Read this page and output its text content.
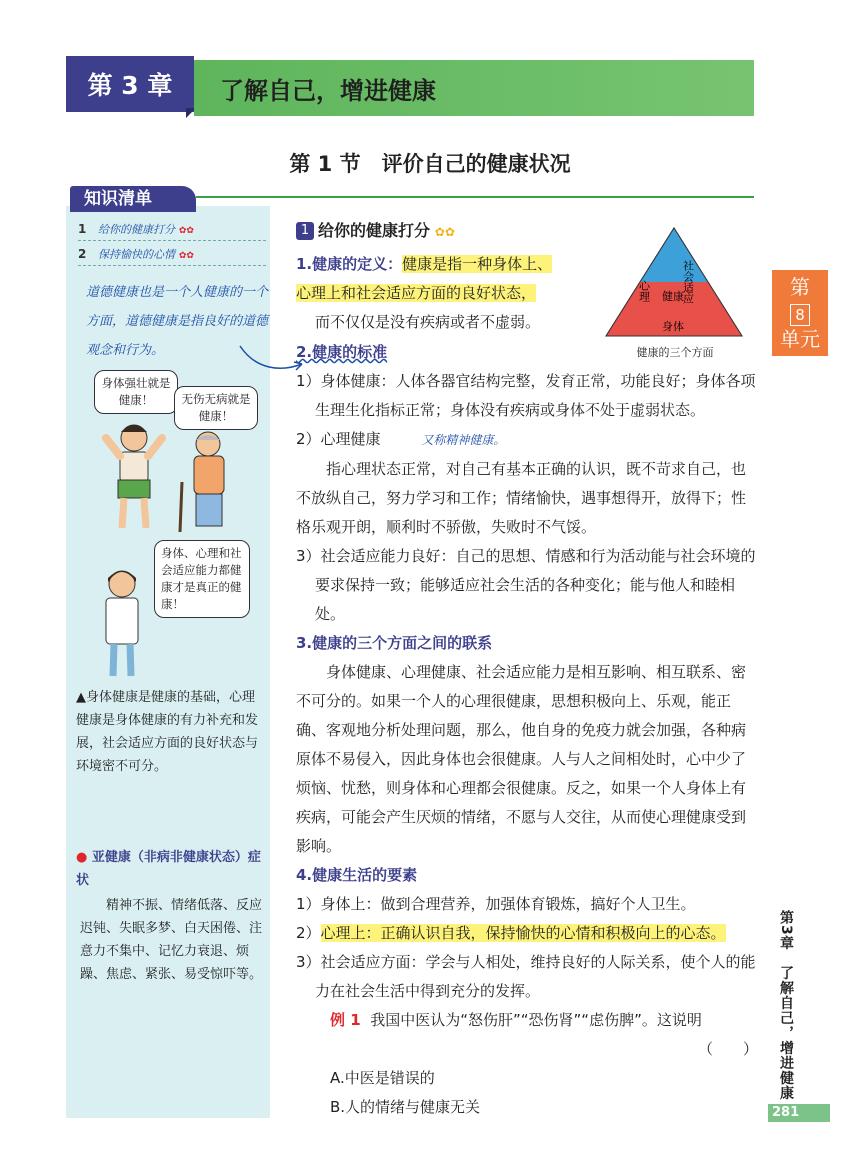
第 3 章	了解自己，增进健康
第 1 节　评价自己的健康状况
知识清单
1 给你的健康打分 ✿✿
2 保持愉快的心情 ✿✿
道德健康也是一个人健康的一个方面，道德健康是指良好的道德观念和行为。
身体强壮就是健康！	无伤无病就是健康！
身体、心理和社会适应能力都健康才是真正的健康！
▲身体健康是健康的基础，心理健康是身体健康的有力补充和发展，社会适应方面的良好状态与环境密不可分。
● 亚健康（非病非健康状态）症状
精神不振、情绪低落、反应迟钝、失眠多梦、白天困倦、注意力不集中、记忆力衰退、烦躁、焦虑、紧张、易受惊吓等。
1 给你的健康打分 ✿✿
1.健康的定义：健康是指一种身体上、
心理上和社会适应方面的良好状态，
而不仅仅是没有疾病或者不虚弱。
心理	社会适应
健康
身体
健康的三个方面
2.健康的标准
1）身体健康：人体各器官结构完整，发育正常，功能良好；身体各项生理生化指标正常；身体没有疾病或身体不处于虚弱状态。
2）心理健康	又称精神健康。
指心理状态正常，对自己有基本正确的认识，既不苛求自己，也不放纵自己，努力学习和工作；情绪愉快，遇事想得开，放得下；性格乐观开朗，顺利时不骄傲，失败时不气馁。
3）社会适应能力良好：自己的思想、情感和行为活动能与社会环境的要求保持一致；能够适应社会生活的各种变化；能与他人和睦相处。
3.健康的三个方面之间的联系
身体健康、心理健康、社会适应能力是相互影响、相互联系、密不可分的。如果一个人的心理很健康，思想积极向上、乐观，能正确、客观地分析处理问题，那么，他自身的免疫力就会加强，各种病原体不易侵入，因此身体也会很健康。人与人之间相处时，心中少了烦恼、忧愁，则身体和心理都会很健康。反之，如果一个人身体上有疾病，可能会产生厌烦的情绪，不愿与人交往，从而使心理健康受到影响。
4.健康生活的要素
1）身体上：做到合理营养，加强体育锻炼，搞好个人卫生。
2）心理上：正确认识自我，保持愉快的心情和积极向上的心态。
3）社会适应方面：学会与人相处，维持良好的人际关系，使个人的能力在社会生活中得到充分的发挥。
例 1 我国中医认为“怒伤肝”“恐伤肾”“虑伤脾”。这说明
（　　）
A.中医是错误的
B.人的情绪与健康无关
第
8
单元
第3章　了解自己，增进健康
281
